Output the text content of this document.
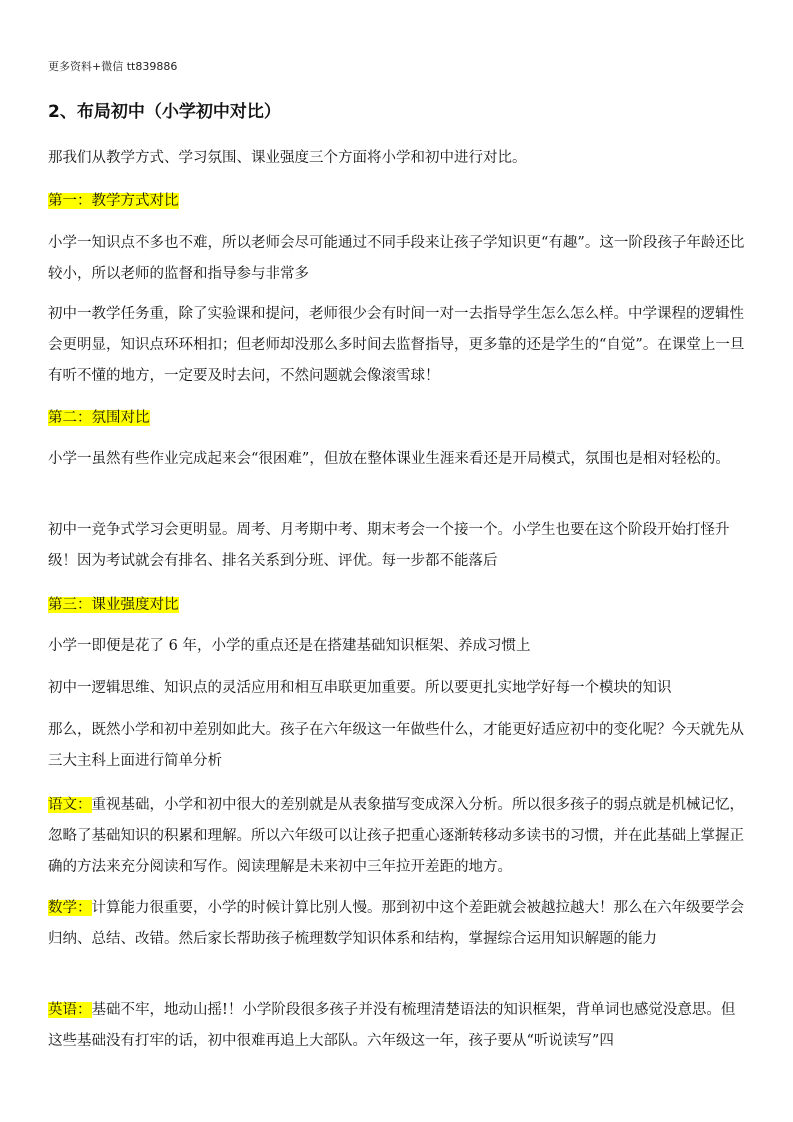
更多资料+微信 tt839886
2、布局初中（小学初中对比）
那我们从教学方式、学习氛围、课业强度三个方面将小学和初中进行对比。
第一：教学方式对比
小学一知识点不多也不难，所以老师会尽可能通过不同手段来让孩子学知识更“有趣”。这一阶段孩子年龄还比较小，所以老师的监督和指导参与非常多
初中一教学任务重，除了实验课和提问，老师很少会有时间一对一去指导学生怎么怎么样。中学课程的逻辑性会更明显，知识点环环相扣；但老师却没那么多时间去监督指导，更多靠的还是学生的“自觉”。在课堂上一旦有听不懂的地方，一定要及时去问，不然问题就会像滚雪球！
第二：氛围对比
小学一虽然有些作业完成起来会“很困难”，但放在整体课业生涯来看还是开局模式，氛围也是相对轻松的。
初中一竞争式学习会更明显。周考、月考期中考、期末考会一个接一个。小学生也要在这个阶段开始打怪升级！因为考试就会有排名、排名关系到分班、评优。每一步都不能落后
第三：课业强度对比
小学一即便是花了 6 年，小学的重点还是在搭建基础知识框架、养成习惯上
初中一逻辑思维、知识点的灵活应用和相互串联更加重要。所以要更扎实地学好每一个模块的知识
那么，既然小学和初中差别如此大。孩子在六年级这一年做些什么，才能更好适应初中的变化呢？今天就先从三大主科上面进行简单分析
语文：重视基础，小学和初中很大的差别就是从表象描写变成深入分析。所以很多孩子的弱点就是机械记忆，忽略了基础知识的积累和理解。所以六年级可以让孩子把重心逐渐转移动多读书的习惯，并在此基础上掌握正确的方法来充分阅读和写作。阅读理解是未来初中三年拉开差距的地方。
数学：计算能力很重要，小学的时候计算比别人慢。那到初中这个差距就会被越拉越大！那么在六年级要学会归纳、总结、改错。然后家长帮助孩子梳理数学知识体系和结构，掌握综合运用知识解题的能力
英语：基础不牢，地动山摇!！小学阶段很多孩子并没有梳理清楚语法的知识框架，背单词也感觉没意思。但这些基础没有打牢的话，初中很难再追上大部队。六年级这一年，孩子要从“听说读写”四
